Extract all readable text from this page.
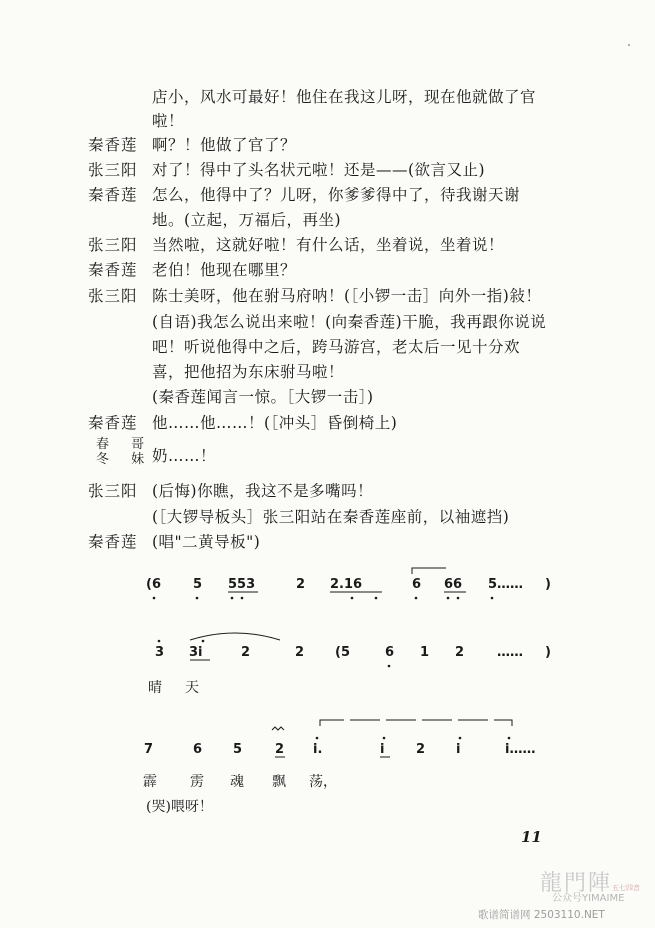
店小，风水可最好！他住在我这儿呀，现在他就做了官
啦！
秦香莲 啊？！他做了官了？
张三阳 对了！得中了头名状元啦！还是——(欲言又止)
秦香莲 怎么，他得中了？儿呀，你爹爹得中了，待我谢天谢
地。(立起，万福后，再坐)
张三阳 当然啦，这就好啦！有什么话，坐着说，坐着说！
秦香莲 老伯！他现在哪里？
张三阳 陈士美呀，他在驸马府呐！(［小锣一击］向外一指)敍！
(自语)我怎么说出来啦！(向秦香莲)干脆，我再跟你说说
吧！听说他得中之后，跨马游宫，老太后一见十分欢
喜，把他招为东床驸马啦！
(秦香莲闻言一惊。［大锣一击］)
秦香莲 他……他……！(［冲头］昏倒椅上)
春 哥
冬 妹
奶……！
张三阳 (后悔)你瞧，我这不是多嘴吗！
(［大锣导板头］张三阳站在秦香莲座前，以袖遮挡)
秦香莲 (唱"二黄导板")
(6 5 553	2 2.16	6 66 5…… )
3 3i	2	2 (5	6 1 2	…… )
晴 天
7	6 5	2 i.	i 2 i	i……
霹 雳 魂 飘 荡，
(哭)喂呀！
11
龍門陣五七四音
公众号YIMAIME
歌谱简谱网 2503110.NET
